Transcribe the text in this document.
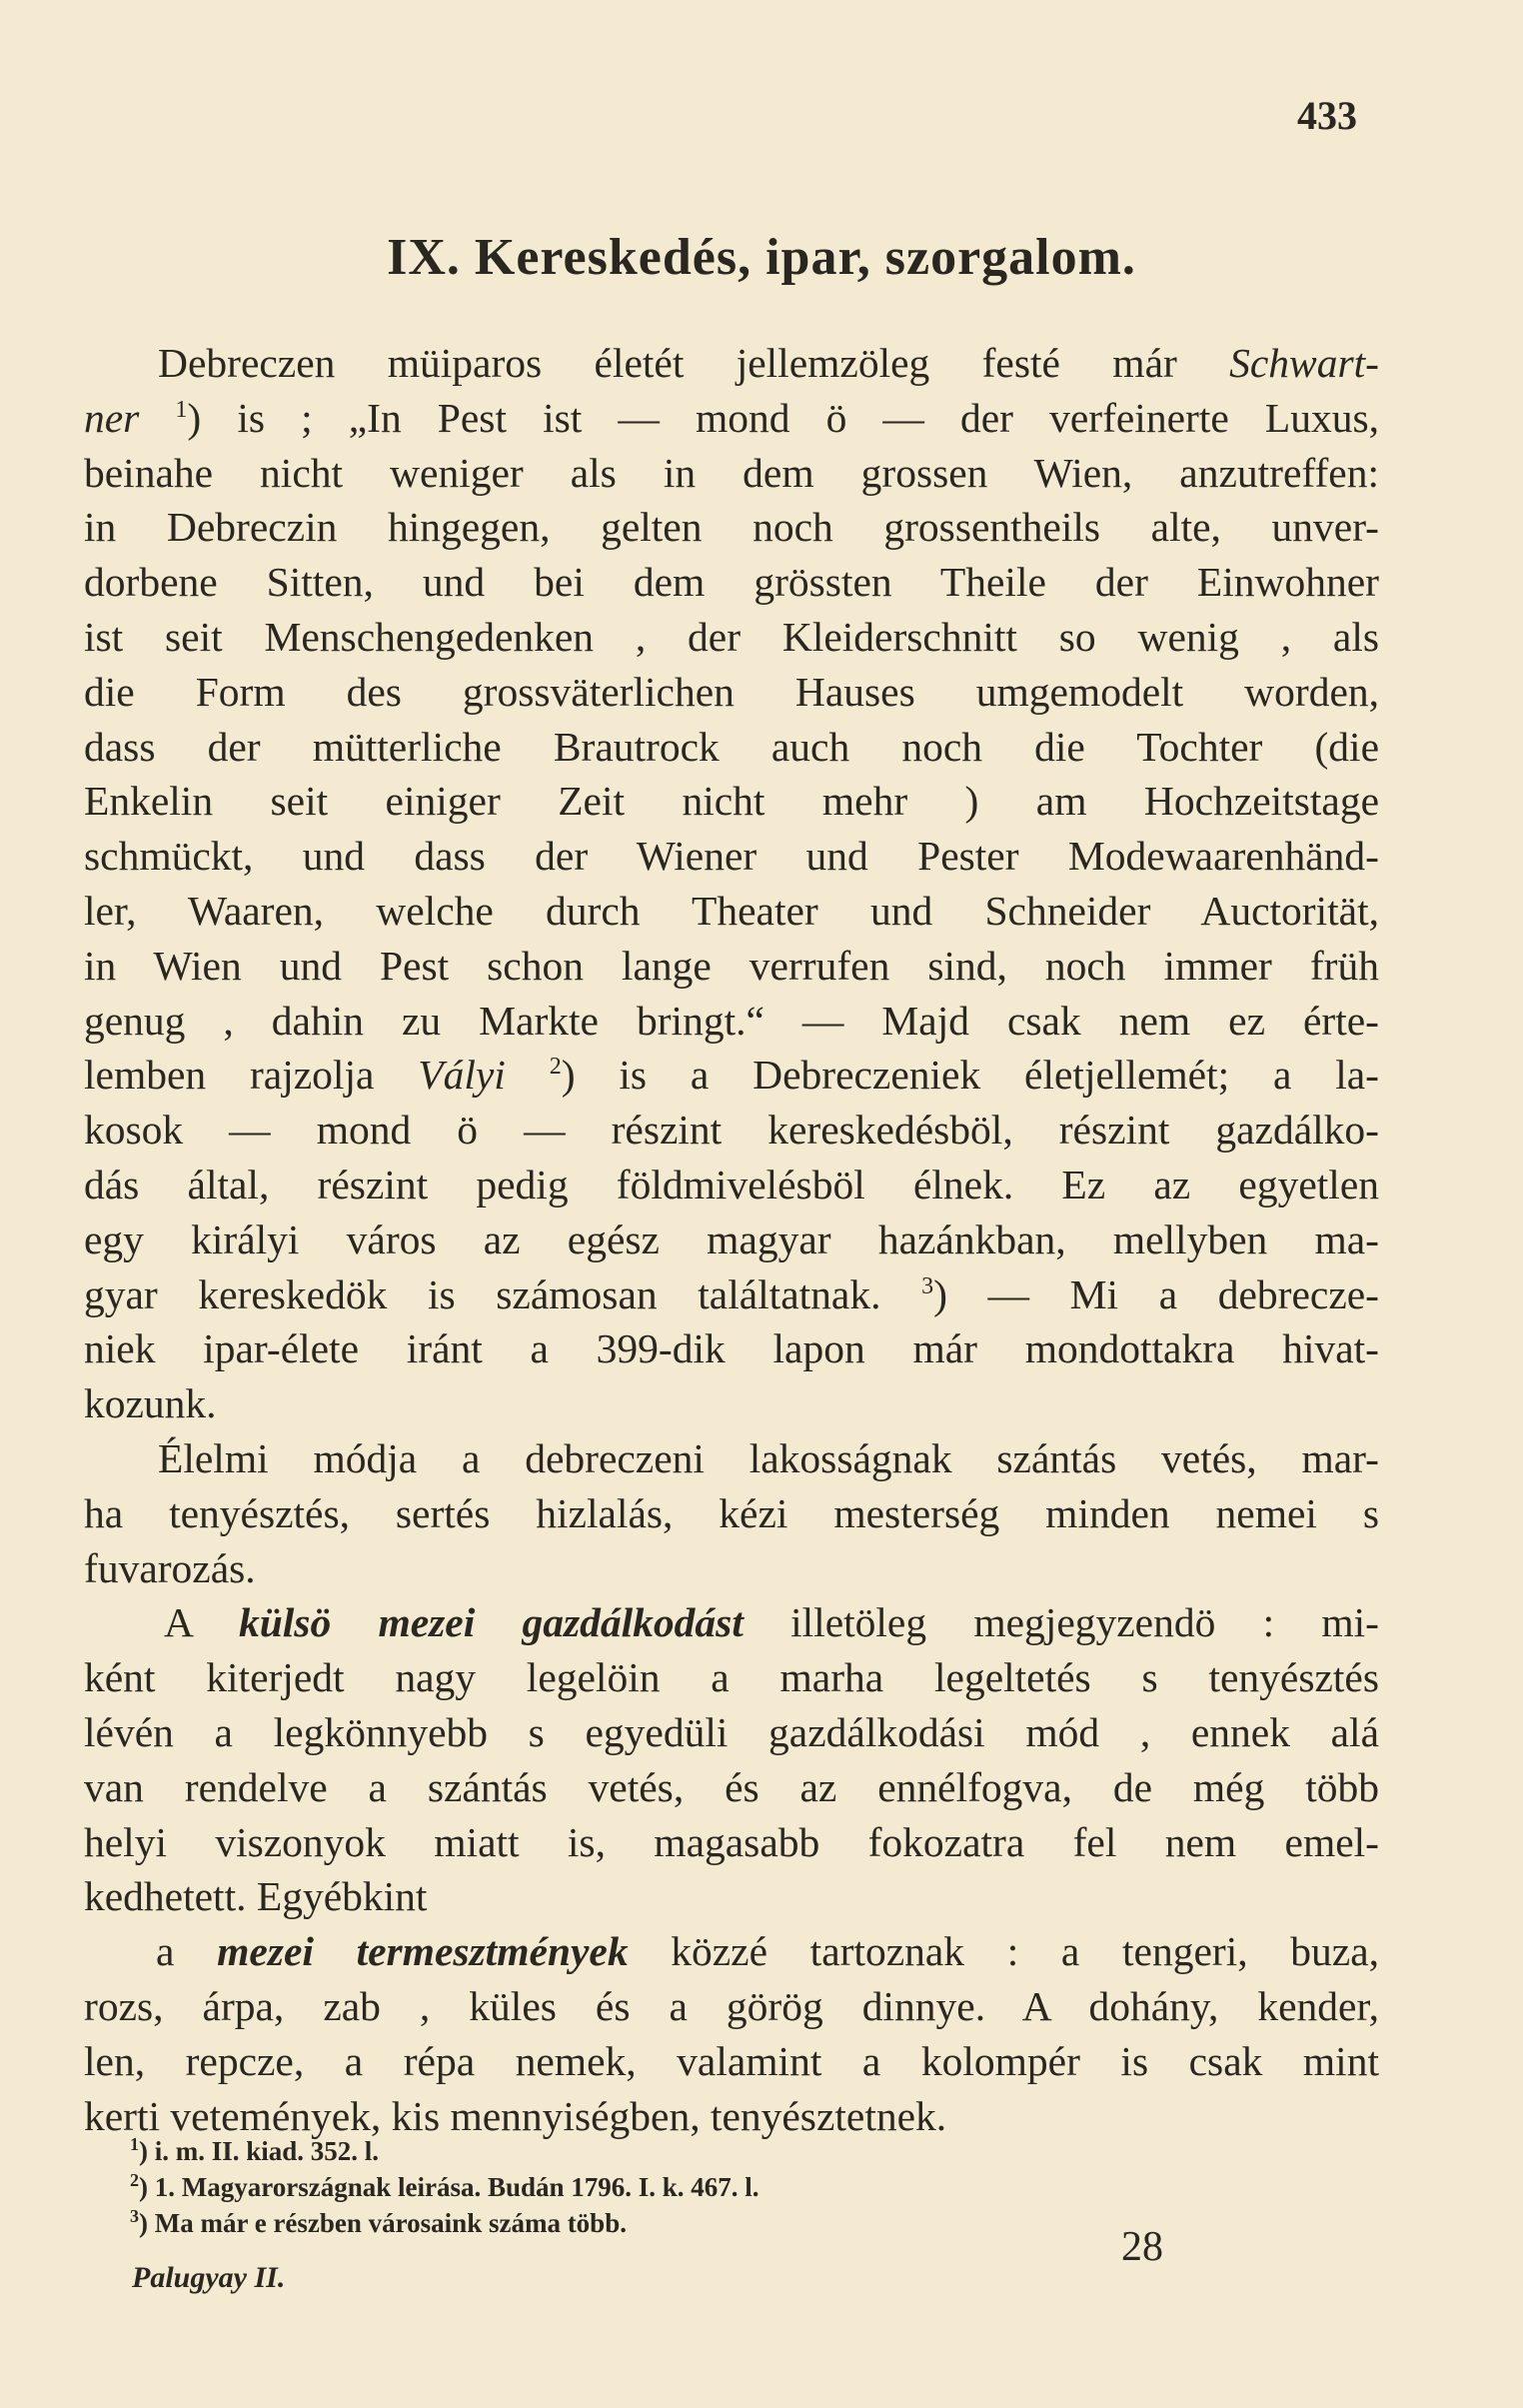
433
IX. Kereskedés, ipar, szorgalom.
Debreczen müiparos életét jellemzöleg festé már Schwart-
ner $^1$) is ; „In Pest ist — mond ö — der verfeinerte Luxus,
beinahe nicht weniger als in dem grossen Wien, anzutreffen:
in Debreczin hingegen, gelten noch grossentheils alte, unver-
dorbene Sitten, und bei dem grössten Theile der Einwohner
ist seit Menschengedenken , der Kleiderschnitt so wenig , als
die Form des grossväterlichen Hauses umgemodelt worden,
dass der mütterliche Brautrock auch noch die Tochter (die
Enkelin seit einiger Zeit nicht mehr ) am Hochzeitstage
schmückt, und dass der Wiener und Pester Modewaarenhänd-
ler, Waaren, welche durch Theater und Schneider Auctorität,
in Wien und Pest schon lange verrufen sind, noch immer früh
genug , dahin zu Markte bringt.“ — Majd csak nem ez érte-
lemben rajzolja Vályi $^2$) is a Debreczeniek életjellemét; a la-
kosok — mond ö — részint kereskedésböl, részint gazdálko-
dás által, részint pedig földmivelésböl élnek. Ez az egyetlen
egy királyi város az egész magyar hazánkban, mellyben ma-
gyar kereskedök is számosan találtatnak. $^3$) — Mi a debrecze-
niek ipar-élete iránt a 399-dik lapon már mondottakra hivat-
kozunk.
Élelmi módja a debreczeni lakosságnak szántás vetés, mar-
ha tenyésztés, sertés hizlalás, kézi mesterség minden nemei s
fuvarozás.
A külsö mezei gazdálkodást illetöleg megjegyzendö : mi-
ként kiterjedt nagy legelöin a marha legeltetés s tenyésztés
lévén a legkönnyebb s egyedüli gazdálkodási mód , ennek alá
van rendelve a szántás vetés, és az ennélfogva, de még több
helyi viszonyok miatt is, magasabb fokozatra fel nem emel-
kedhetett. Egyébkint
a mezei termesztmények közzé tartoznak : a tengeri, buza,
rozs, árpa, zab , küles és a görög dinnye. A dohány, kender,
len, repcze, a répa nemek, valamint a kolompér is csak mint
kerti vetemények, kis mennyiségben, tenyésztetnek.
$^1$) i. m. II. kiad. 352. l.
$^2$) 1. Magyarországnak leirása. Budán 1796. I. k. 467. l.
$^3$) Ma már e részben városaink száma több.
Palugyay II.
28
